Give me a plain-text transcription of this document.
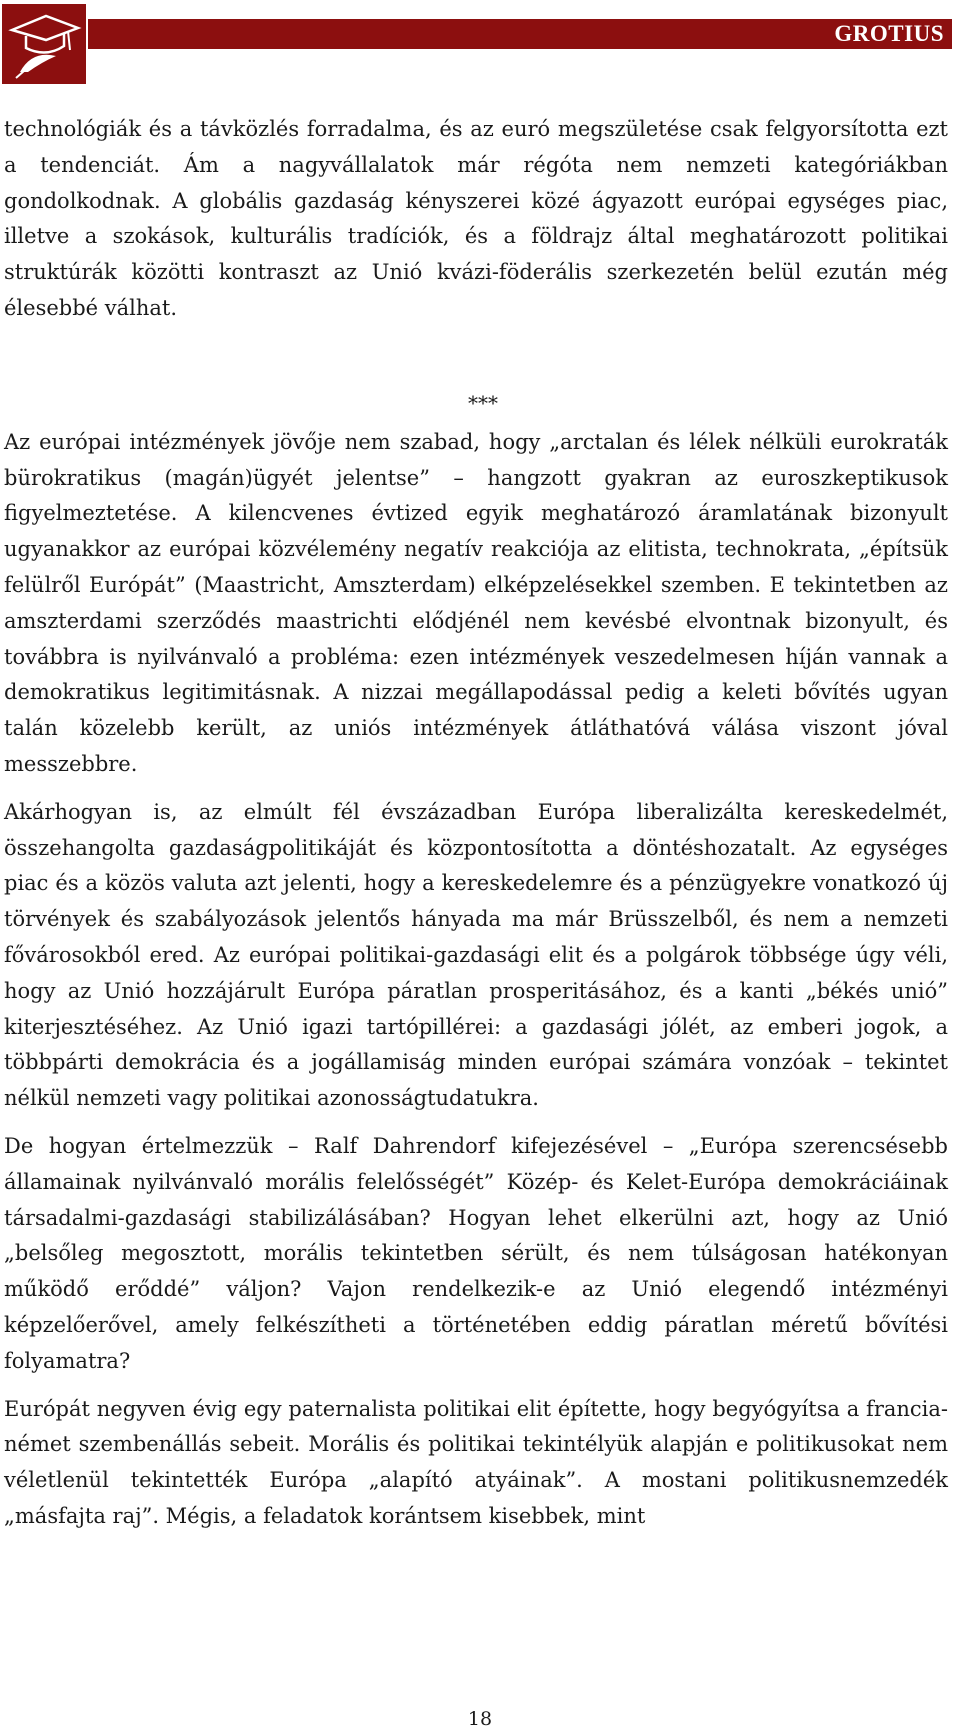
GROTIUS

technológiák és a távközlés forradalma, és az euró megszületése csak felgyorsította ezt a tendenciát. Ám a nagyvállalatok már régóta nem nemzeti kategóriákban gondolkodnak. A globális gazdaság kényszerei közé ágyazott európai egységes piac, illetve a szokások, kulturális tradíciók, és a földrajz által meghatározott politikai struktúrák közötti kontraszt az Unió kvázi-föderális szerkezetén belül ezután még élesebbé válhat.

***

Az európai intézmények jövője nem szabad, hogy „arctalan és lélek nélküli eurokraták bürokratikus (magán)ügyét jelentse” – hangzott gyakran az euroszkeptikusok figyelmeztetése. A kilencvenes évtized egyik meghatározó áramlatának bizonyult ugyanakkor az európai közvélemény negatív reakciója az elitista, technokrata, „építsük felülről Európát” (Maastricht, Amszterdam) elképzelésekkel szemben. E tekintetben az amszterdami szerződés maastrichti elődjénél nem kevésbé elvontnak bizonyult, és továbbra is nyilvánvaló a probléma: ezen intézmények veszedelmesen híján vannak a demokratikus legitimitásnak. A nizzai megállapodással pedig a keleti bővítés ugyan talán közelebb került, az uniós intézmények átláthatóvá válása viszont jóval messzebbre.

Akárhogyan is, az elmúlt fél évszázadban Európa liberalizálta kereskedelmét, összehangolta gazdaságpolitikáját és központosította a döntéshozatalt. Az egységes piac és a közös valuta azt jelenti, hogy a kereskedelemre és a pénzügyekre vonatkozó új törvények és szabályozások jelentős hányada ma már Brüsszelből, és nem a nemzeti fővárosokból ered. Az európai politikai-gazdasági elit és a polgárok többsége úgy véli, hogy az Unió hozzájárult Európa páratlan prosperitásához, és a kanti „békés unió” kiterjesztéséhez. Az Unió igazi tartópillérei: a gazdasági jólét, az emberi jogok, a többpárti demokrácia és a jogállamiság minden európai számára vonzóak – tekintet nélkül nemzeti vagy politikai azonosságtudatukra.

De hogyan értelmezzük – Ralf Dahrendorf kifejezésével – „Európa szerencsésebb államainak nyilvánvaló morális felelősségét” Közép- és Kelet-Európa demokráciáinak társadalmi-gazdasági stabilizálásában? Hogyan lehet elkerülni azt, hogy az Unió „belsőleg megosztott, morális tekintetben sérült, és nem túlságosan hatékonyan működő erőddé” váljon? Vajon rendelkezik-e az Unió elegendő intézményi képzelőerővel, amely felkészítheti a történetében eddig páratlan méretű bővítési folyamatra?

Európát negyven évig egy paternalista politikai elit építette, hogy begyógyítsa a francia-német szembenállás sebeit. Morális és politikai tekintélyük alapján e politikusokat nem véletlenül tekintették Európa „alapító atyáinak”. A mostani politikusnemzedék „másfajta raj”. Mégis, a feladatok korántsem kisebbek, mint

18
